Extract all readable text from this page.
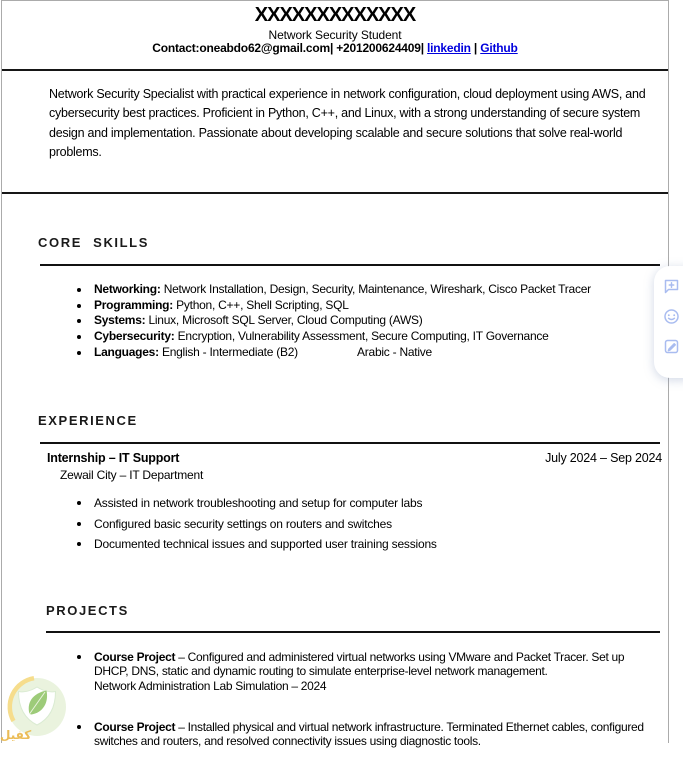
كفيل
XXXXXXXXXXXXX
Network Security Student
Contact:oneabdo62@gmail.com| +201200624409| linkedin | Github
Network Security Specialist with practical experience in network configuration, cloud deployment using AWS, and cybersecurity best practices. Proficient in Python, C++, and Linux, with a strong understanding of secure system design and implementation. Passionate about developing scalable and secure solutions that solve real-world problems.
CORE SKILLS
Networking: Network Installation, Design, Security, Maintenance, Wireshark, Cisco Packet Tracer
Programming: Python, C++, Shell Scripting, SQL
Systems: Linux, Microsoft SQL Server, Cloud Computing (AWS)
Cybersecurity: Encryption, Vulnerability Assessment, Secure Computing, IT Governance
Languages: English - Intermediate (B2)	Arabic - Native
EXPERIENCE
Internship – IT Support	July 2024 – Sep 2024
Zewail City – IT Department
Assisted in network troubleshooting and setup for computer labs
Configured basic security settings on routers and switches
Documented technical issues and supported user training sessions
PROJECTS
Course Project – Configured and administered virtual networks using VMware and Packet Tracer. Set up DHCP, DNS, static and dynamic routing to simulate enterprise-level network management.
Network Administration Lab Simulation – 2024
Course Project – Installed physical and virtual network infrastructure. Terminated Ethernet cables, configured switches and routers, and resolved connectivity issues using diagnostic tools.
